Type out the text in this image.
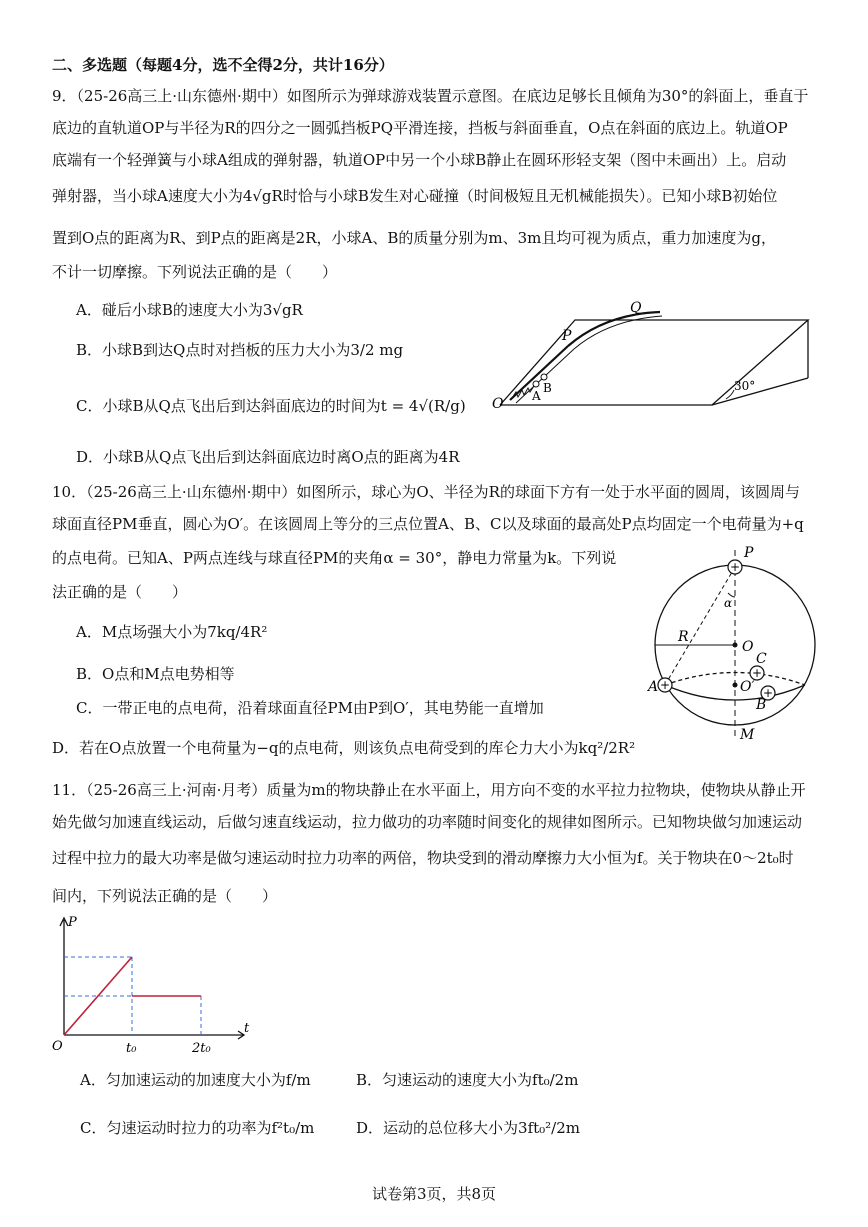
二、多选题（每题4分，选不全得2分，共计16分）
9．（25-26高三上·山东德州·期中）如图所示为弹球游戏装置示意图。在底边足够长且倾角为30°的斜面上，垂直于
底边的直轨道OP与半径为R的四分之一圆弧挡板PQ平滑连接，挡板与斜面垂直，O点在斜面的底边上。轨道OP
底端有一个轻弹簧与小球A组成的弹射器，轨道OP中另一个小球B静止在圆环形轻支架（图中未画出）上。启动
弹射器，当小球A速度大小为4√gR时恰与小球B发生对心碰撞（时间极短且无机械能损失）。已知小球B初始位
置到O点的距离为R、到P点的距离是2R，小球A、B的质量分别为m、3m且均可视为质点，重力加速度为g，
不计一切摩擦。下列说法正确的是（　　）
A．碰后小球B的速度大小为3√gR
B．小球B到达Q点时对挡板的压力大小为3/2 mg
C．小球B从Q点飞出后到达斜面底边的时间为t = 4√(R/g)
D．小球B从Q点飞出后到达斜面底边时离O点的距离为4R
O
P
Q
A
B	30°
10．（25-26高三上·山东德州·期中）如图所示，球心为O、半径为R的球面下方有一处于水平面的圆周，该圆周与
球面直径PM垂直，圆心为O′。在该圆周上等分的三点位置A、B、C以及球面的最高处P点均固定一个电荷量为+q
的点电荷。已知A、P两点连线与球直径PM的夹角α = 30°，静电力常量为k。下列说
法正确的是（　　）
A．M点场强大小为7kq/4R²
B．O点和M点电势相等
C．一带正电的点电荷，沿着球面直径PM由P到O′，其电势能一直增加
D．若在O点放置一个电荷量为−q的点电荷，则该负点电荷受到的库仑力大小为kq²/2R²
+
+
+
+
P
O
O′
M
A
B
C
R
α
11．（25-26高三上·河南·月考）质量为m的物块静止在水平面上，用方向不变的水平拉力拉物块，使物块从静止开
始先做匀加速直线运动，后做匀速直线运动，拉力做功的功率随时间变化的规律如图所示。已知物块做匀加速运动
过程中拉力的最大功率是做匀速运动时拉力功率的两倍，物块受到的滑动摩擦力大小恒为f。关于物块在0～2t₀时
间内，下列说法正确的是（　　）
P
t
O	t₀	2t₀
A．匀加速运动的加速度大小为f/m	B．匀速运动的速度大小为ft₀/2m
C．匀速运动时拉力的功率为f²t₀/m	D．运动的总位移大小为3ft₀²/2m
试卷第3页，共8页
